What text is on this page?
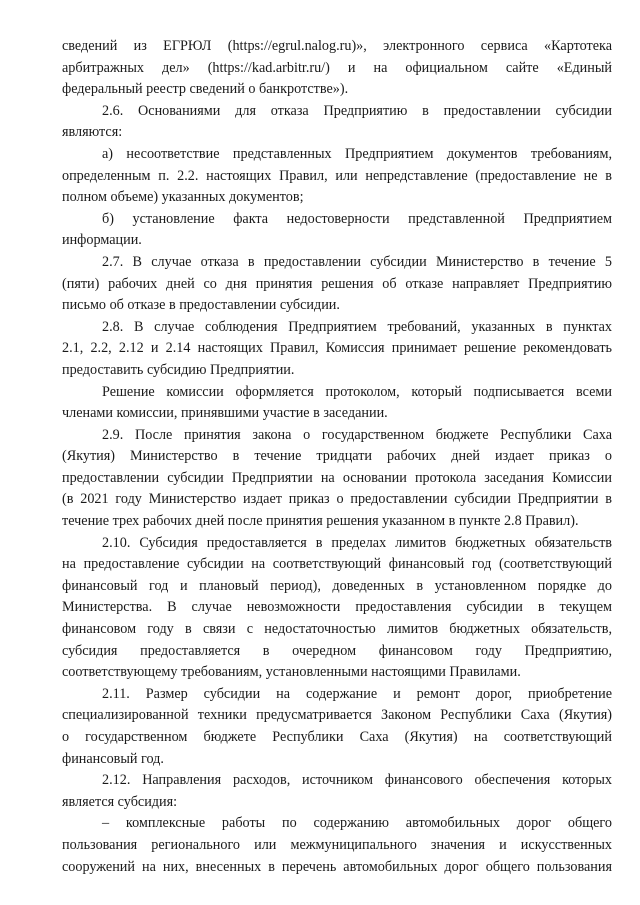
сведений из ЕГРЮЛ (https://egrul.nalog.ru)», электронного сервиса «Картотека
арбитражных дел» (https://kad.arbitr.ru/) и на официальном сайте «Единый
федеральный реестр сведений о банкротстве»).
2.6. Основаниями для отказа Предприятию в предоставлении субсидии
являются:
а) несоответствие представленных Предприятием документов требованиям,
определенным п. 2.2. настоящих Правил, или непредставление (предоставление не в
полном объеме) указанных документов;
б) установление факта недостоверности представленной Предприятием
информации.
2.7. В случае отказа в предоставлении субсидии Министерство в течение 5
(пяти) рабочих дней со дня принятия решения об отказе направляет Предприятию
письмо об отказе в предоставлении субсидии.
2.8. В случае соблюдения Предприятием требований, указанных в пунктах
2.1, 2.2, 2.12 и 2.14 настоящих Правил, Комиссия принимает решение рекомендовать
предоставить субсидию Предприятии.
Решение комиссии оформляется протоколом, который подписывается всеми
членами комиссии, принявшими участие в заседании.
2.9. После принятия закона о государственном бюджете Республики Саха
(Якутия) Министерство в течение тридцати рабочих дней издает приказ о
предоставлении субсидии Предприятии на основании протокола заседания Комиссии
(в 2021 году Министерство издает приказ о предоставлении субсидии Предприятии в
течение трех рабочих дней после принятия решения указанном в пункте 2.8 Правил).
2.10. Субсидия предоставляется в пределах лимитов бюджетных обязательств
на предоставление субсидии на соответствующий финансовый год (соответствующий
финансовый год и плановый период), доведенных в установленном порядке до
Министерства. В случае невозможности предоставления субсидии в текущем
финансовом году в связи с недостаточностью лимитов бюджетных обязательств,
субсидия предоставляется в очередном финансовом году Предприятию,
соответствующему требованиям, установленными настоящими Правилами.
2.11. Размер субсидии на содержание и ремонт дорог, приобретение
специализированной техники предусматривается Законом Республики Саха (Якутия)
о государственном бюджете Республики Саха (Якутия) на соответствующий
финансовый год.
2.12. Направления расходов, источником финансового обеспечения которых
является субсидия:
– комплексные работы по содержанию автомобильных дорог общего
пользования регионального или межмуниципального значения и искусственных
сооружений на них, внесенных в перечень автомобильных дорог общего пользования
